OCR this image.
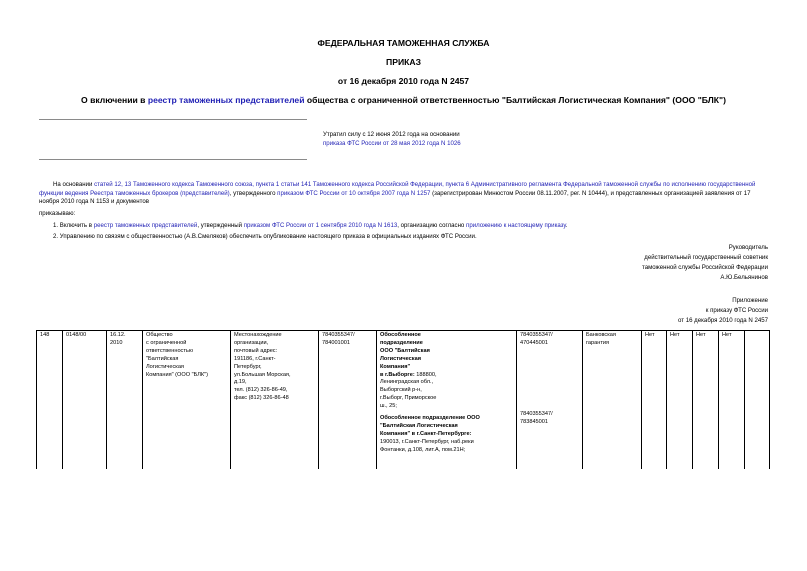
ФЕДЕРАЛЬНАЯ ТАМОЖЕННАЯ СЛУЖБА
ПРИКАЗ
от 16 декабря 2010 года N 2457
О включении в реестр таможенных представителей общества с ограниченной ответственностью "Балтийская Логистическая Компания" (ООО "БЛК")
Утратил силу с 12 июня 2012 года на основании
приказа ФТС России от 28 мая 2012 года N 1026
На основании статей 12, 13 Таможенного кодекса Таможенного союза, пункта 1 статьи 141 Таможенного кодекса Российской Федерации, пункта 6 Административного регламента Федеральной таможенной службы по исполнению государственной функции ведения Реестра таможенных брокеров (представителей), утвержденного приказом ФТС России от 10 октября 2007 года N 1257 (зарегистрирован Минюстом России 08.11.2007, рег. N 10444), и представленных организацией заявления от 17 ноября 2010 года N 1153 и документов
приказываю:
1. Включить в реестр таможенных представителей, утвержденный приказом ФТС России от 1 сентября 2010 года N 1613, организацию согласно приложению к настоящему приказу.
2. Управлению по связям с общественностью (А.В.Смеляков) обеспечить опубликование настоящего приказа в официальных изданиях ФТС России.
Руководитель
действительный государственный советник
таможенной службы Российской Федерации
А.Ю.Бельянинов
Приложение
к приказу ФТС России
от 16 декабря 2010 года N 2457
148	0148/00	16.12.
2010	Общество
с ограниченной
ответственностью
"Балтийская
Логистическая
Компания" (ООО "БЛК")	Местонахождение
организации,
почтовый адрес:
191186, г.Санкт-
Петербург,
ул.Большая Морская,
д.19,
тел. (812) 326-86-49,
факс (812) 326-86-48	7840355347/
784001001	Обособленное
подразделение
ООО "Балтийская
Логистическая
Компания"
в г.Выборге: 188800,
Ленинградская обл.,
Выборгский р-н,
г.Выборг, Приморское
ш., 25;
Обособленное подразделение ООО
"Балтийская Логистическая
Компания" в г.Санкт-Петербурге:
190013, г.Санкт-Петербург, наб.реки
Фонтанки, д.108, лит.А, пом.21Н;

7840355347/
470445001
7840355347/
783845001
	Банковская
гарантия	Нет	Нет	Нет	Нет	
